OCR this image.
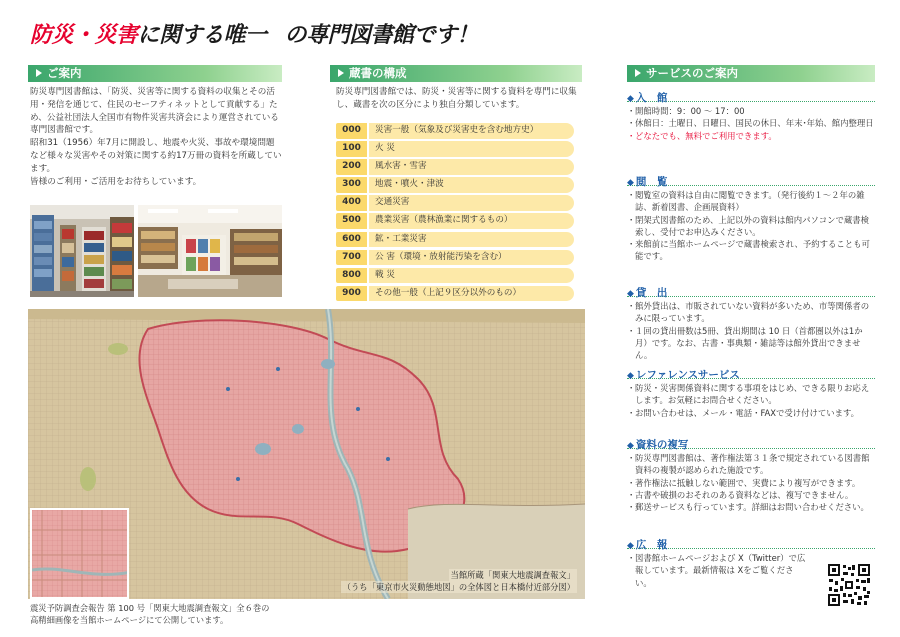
防災・災害に関する唯一 の専門図書館です！
ご案内	蔵書の構成	サービスのご案内

防災専門図書館は、「防災、災害等に関する資料の収集とその活用・発信を通じて、住民のセーフティネットとして貢献する」ため、公益社団法人全国市有物件災害共済会により運営されている専門図書館です。

昭和31（1956）年7月に開設し、地震や火災、事故や環境問題など様々な災害やその対策に関する約17万冊の資料を所蔵しています。

皆様のご利用・ご活用をお待ちしています。

防災専門図書館では、防災・災害等に関する資料を専門に収集し、蔵書を次の区分により独自分類しています。
000	災害一般（気象及び災害史を含む地方史）
100	火 災
200	風水害・雪害
300	地震・噴火・津波
400	交通災害
500	農業災害（農林漁業に関するもの）
600	鉱・工業災害
700	公 害（環境・放射能汚染を含む）
800	戦 災
900	その他一般（上記９区分以外のもの）
当館所蔵「関東大地震調査報文」
（うち「東京市火災動態地図」の全体図と日本橋付近部分図）
震災予防調査会報告 第 100 号「関東大地震調査報文」全６巻の
高精細画像を当館ホームページにて公開しています。
◆ 入　館
・開館時間：9：00 ～ 17：00
・休館日：土曜日、日曜日、国民の休日、年末･年始、館内整理日
・どなたでも、無料でご利用できます。
◆ 閲　覧
・閲覧室の資料は自由に閲覧できます。（発行後約１～２年の雑誌、新着図書、企画展資料）
・閉架式図書館のため、上記以外の資料は館内パソコンで蔵書検索し、受付でお申込みください。
・来館前に当館ホームページで蔵書検索され、予約することも可能です。
◆ 貸　出
・館外貸出は、市販されていない資料が多いため、市等関係者のみに限っています。
・１回の貸出冊数は5冊、貸出期間は 10 日（首都圏以外は1か月）です。なお、古書・事典類・雑誌等は館外貸出できません。
◆ レファレンスサービス
・防災・災害関係資料に関する事項をはじめ、できる限りお応えします。お気軽にお問合せください。
・お問い合わせは、メール・電話・FAXで受け付けています。
◆ 資料の複写
・防災専門図書館は、著作権法第３１条で規定されている図書館資料の複製が認められた施設です。
・著作権法に抵触しない範囲で、実費により複写ができます。
・古書や破損のおそれのある資料などは、複写できません。
・郵送サービスも行っています。詳細はお問い合わせください。
◆ 広　報
・図書館ホームページおよび X（Twitter）で広報しています。最新情報は Xをご覧ください。
